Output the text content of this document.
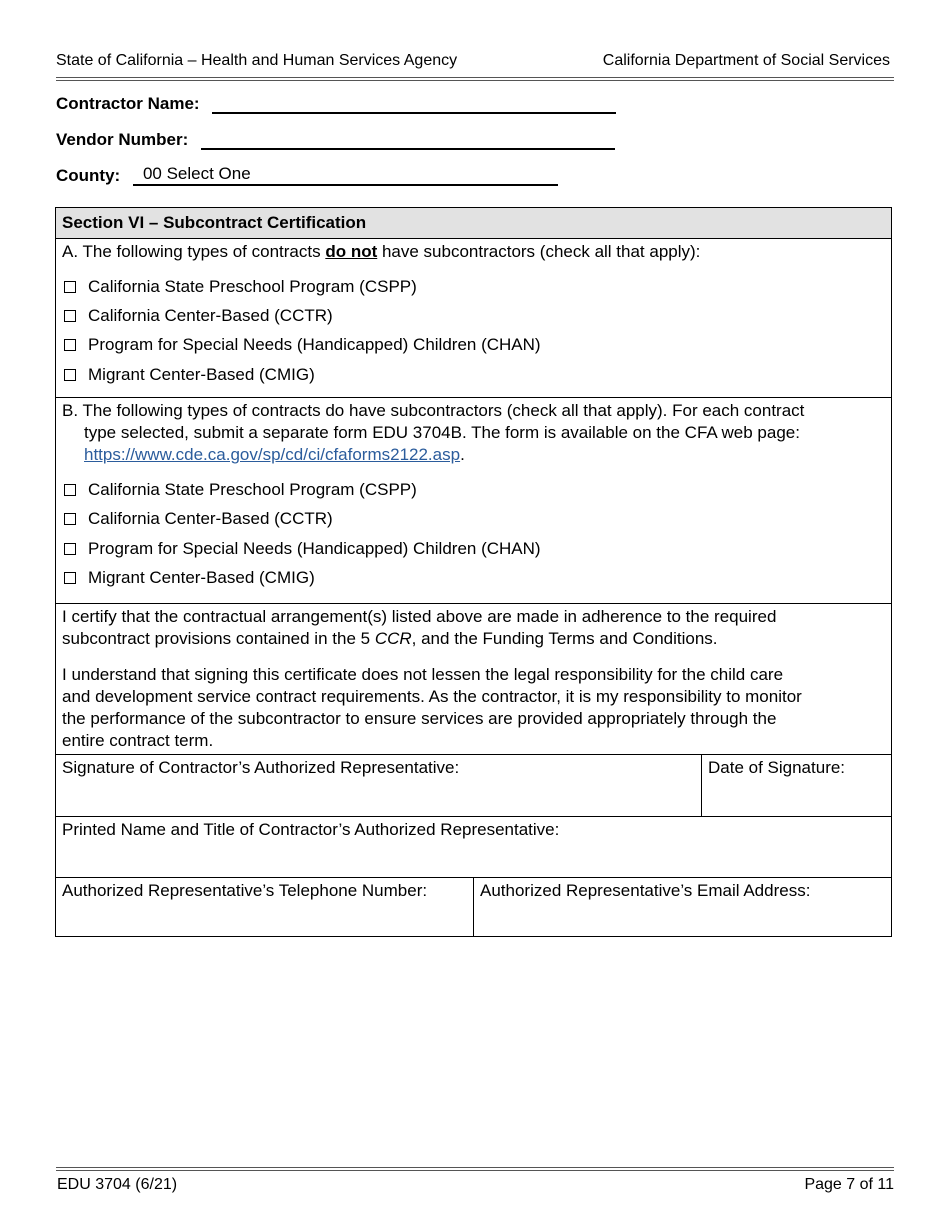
State of California – Health and Human Services Agency	California Department of Social Services
Contractor Name:
Vendor Number:
County:	00 Select One
Section VI – Subcontract Certification
A. The following types of contracts do not have subcontractors (check all that apply):
California State Preschool Program (CSPP)
California Center-Based (CCTR)
Program for Special Needs (Handicapped) Children (CHAN)
Migrant Center-Based (CMIG)
B. The following types of contracts do have subcontractors (check all that apply). For each contract
type selected, submit a separate form EDU 3704B. The form is available on the CFA web page:
https://www.cde.ca.gov/sp/cd/ci/cfaforms2122.asp.
California State Preschool Program (CSPP)
California Center-Based (CCTR)
Program for Special Needs (Handicapped) Children (CHAN)
Migrant Center-Based (CMIG)
I certify that the contractual arrangement(s) listed above are made in adherence to the required
subcontract provisions contained in the 5 CCR, and the Funding Terms and Conditions.
I understand that signing this certificate does not lessen the legal responsibility for the child care
and development service contract requirements. As the contractor, it is my responsibility to monitor
the performance of the subcontractor to ensure services are provided appropriately through the
entire contract term.
Signature of Contractor’s Authorized Representative:	Date of Signature:
Printed Name and Title of Contractor’s Authorized Representative:
Authorized Representative’s Telephone Number:	Authorized Representative’s Email Address:
EDU 3704 (6/21)	Page 7 of 11
